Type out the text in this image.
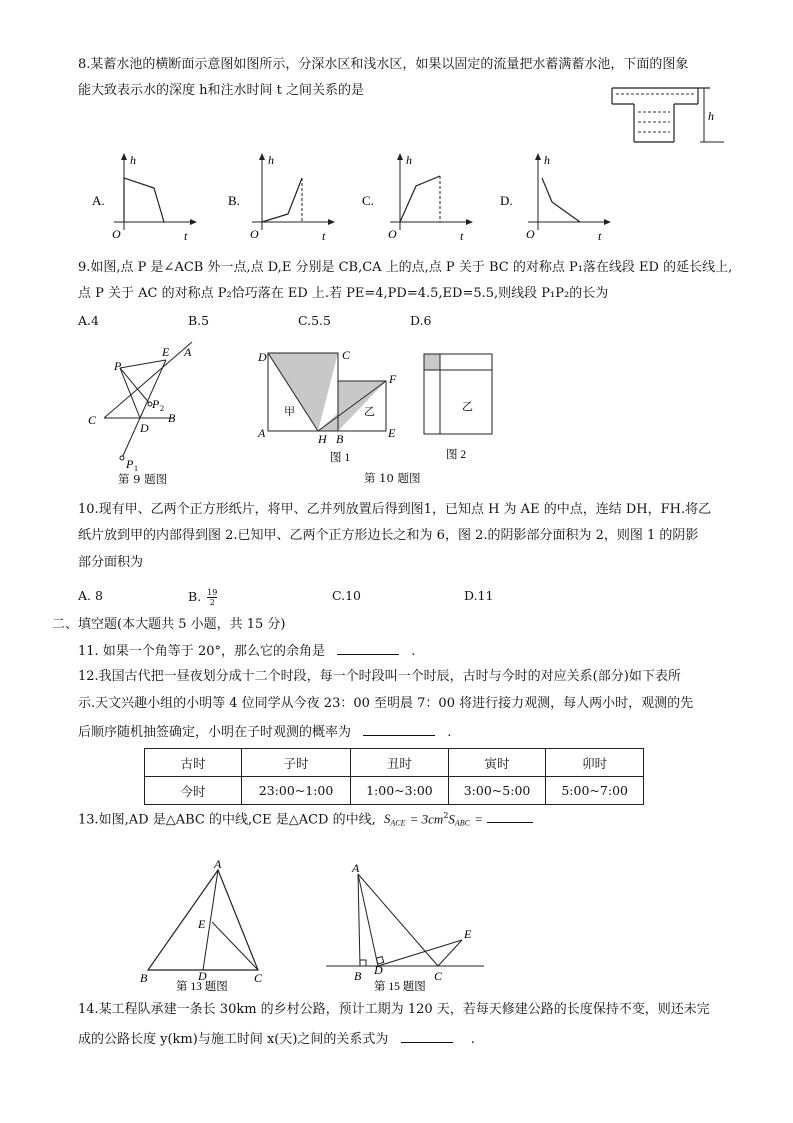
8.某蓄水池的横断面示意图如图所示，分深水区和浅水区，如果以固定的流量把水蓄满蓄水池，下面的图象
能大致表示水的深度 h和注水时间 t 之间关系的是
h
A.
h
t
O
B.
h
t
O
C.
h
t
O
D.
h
t
O
9.如图,点 P 是∠ACB 外一点,点 D,E 分别是 CB,CA 上的点,点 P 关于 BC 的对称点 P₁落在线段 ED 的延长线上,
点 P 关于 AC 的对称点 P₂恰巧落在 ED 上.若 PE=4,PD=4.5,ED=5.5,则线段 P₁P₂的长为
A.4	B.5	C.5.5	D.6
P
E A
C
D
B
P 2
P 1
第 9 题图
D	C
F
A	H B	E
甲	乙
图 1
乙
图 2
第 10 题图
10.现有甲、乙两个正方形纸片，将甲、乙并列放置后得到图1，已知点 H 为 AE 的中点，连结 DH，FH.将乙
纸片放到甲的内部得到图 2.已知甲、乙两个正方形边长之和为 6，图 2.的阴影部分面积为 2，则图 1 的阴影
部分面积为
A. 8	B. $\frac{19}{2}$	C.10	D.11
二、填空题(本大题共 5 小题，共 15 分)
11. 如果一个角等于 20°，那么它的余角是	.
12.我国古代把一昼夜划分成十二个时段，每一个时段叫一个时辰，古时与今时的对应关系(部分)如下表所
示.天文兴趣小组的小明等 4 位同学从今夜 23：00 至明晨 7：00 将进行接力观测，每人两小时，观测的先
后顺序随机抽签确定，小明在子时观测的概率为	.
古时	子时	丑时	寅时	卯时
今时	23:00~1:00	1:00~3:00	3:00~5:00	5:00~7:00
13.如图,AD 是△ABC 的中线,CE 是△ACD 的中线, $S_{ACE} = 3cm^2S_{ABC}$ =
A
E
B	D	C
第 13 题图
A
E
B D	C
第 15 题图
14.某工程队承建一条长 30km 的乡村公路，预计工期为 120 天，若每天修建公路的长度保持不变，则还未完
成的公路长度 y(km)与施工时间 x(天)之间的关系式为	.
